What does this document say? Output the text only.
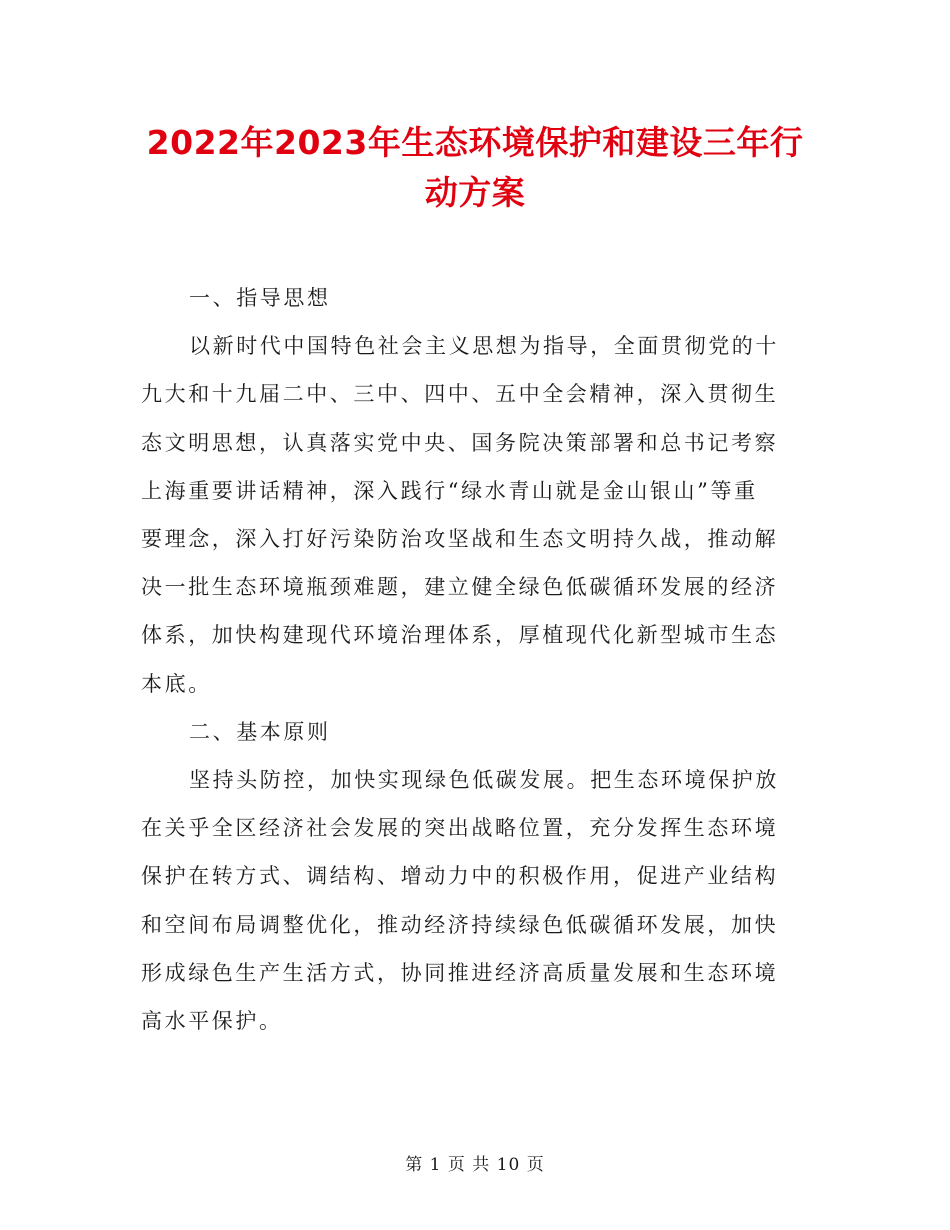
2022年2023年生态环境保护和建设三年行
动方案

一、指导思想

以新时代中国特色社会主义思想为指导，全面贯彻党的十

九大和十九届二中、三中、四中、五中全会精神，深入贯彻生

态文明思想，认真落实党中央、国务院决策部署和总书记考察

上海重要讲话精神，深入践行“绿水青山就是金山银山”等重

要理念，深入打好污染防治攻坚战和生态文明持久战，推动解

决一批生态环境瓶颈难题，建立健全绿色低碳循环发展的经济

体系，加快构建现代环境治理体系，厚植现代化新型城市生态

本底。

二、基本原则

坚持头防控，加快实现绿色低碳发展。把生态环境保护放

在关乎全区经济社会发展的突出战略位置，充分发挥生态环境

保护在转方式、调结构、增动力中的积极作用，促进产业结构

和空间布局调整优化，推动经济持续绿色低碳循环发展，加快

形成绿色生产生活方式，协同推进经济高质量发展和生态环境

高水平保护。

第 1 页 共 10 页
